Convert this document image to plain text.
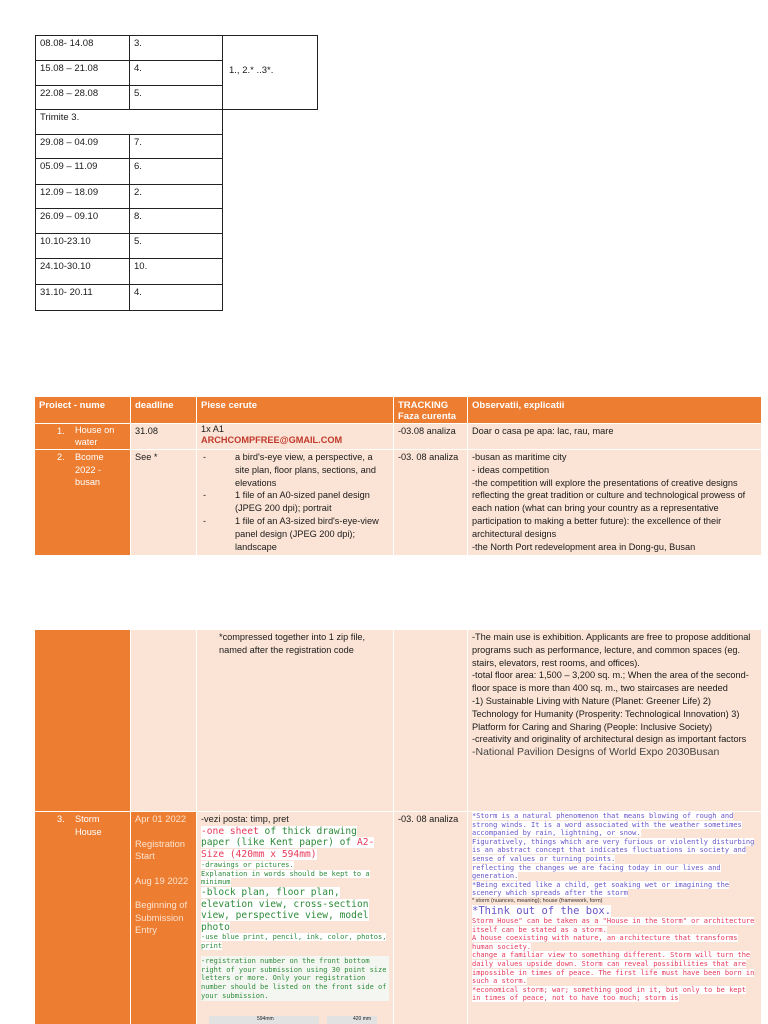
08.08- 14.08	3.
15.08 – 21.08	4.
22.08 – 28.08	5.
Trimite 3.
29.08 – 04.09	7.
05.09 – 11.09	6.
12.09 – 18.09	2.
26.09 – 09.10	8.
10.10-23.10	5.
24.10-30.10	10.
31.10- 20.11	4.
1., 2.* ..3*.
Proiect - nume	deadline	Piese cerute	TRACKING Faza curenta
Observatii, explicatii
1. House on water
31.08	1x A1
ARCHCOMPFREE@GMAIL.COM
-03.08 analiza Doar o casa pe apa: lac, rau, mare
2. Bcome 2022 - busan
See *
-	a bird's-eye view, a perspective, a site plan, floor plans, sections, and elevations
- 1 file of an A0-sized panel design (JPEG 200 dpi); portrait
- 1 file of an A3-sized bird's-eye-view panel design (JPEG 200 dpi); landscape
-03. 08 analiza -busan as maritime city
- ideas competition
-the competition will explore the presentations of creative designs reflecting the great tradition or culture and technological prowess of each nation (what can bring your country as a representative participation to making a better future): the excellence of their architectural designs
-the North Port redevelopment area in Dong-gu, Busan
*compressed together into 1 zip file, named after the registration code
-The main use is exhibition. Applicants are free to propose additional programs such as performance, lecture, and common spaces (eg. stairs, elevators, rest rooms, and offices).
-total floor area: 1,500 – 3,200 sq. m.; When the area of the second-floor space is more than 400 sq. m., two staircases are needed
-1) Sustainable Living with Nature (Planet: Greener Life) 2) Technology for Humanity (Prosperity: Technological Innovation) 3) Platform for Caring and Sharing (People: Inclusive Society)
-creativity and originality of architectural design as important factors
-National Pavilion Designs of World Expo 2030Busan
3. Storm House
Apr 01 2022
Registration Start
Aug 19 2022
Beginning of Submission Entry
-vezi posta: timp, pret
-one sheet of thick drawing paper (like Kent paper) of A2-Size (420mm x 594mm)
-drawings or pictures.
Explanation in words should be kept to a minimum
-block plan, floor plan, elevation view, cross-section view, perspective view, model photo
-use blue print, pencil, ink, color, photos, print
-registration number on the front bottom right of your submission using 30 point size letters or more. Only your registration number should be listed on the front side of your submission.
594mm	420 mm
-03. 08 analiza *Storm is a natural phenomenon that means blowing of rough and strong winds. It is a word associated with the weather sometimes accompanied by rain, lightning, or snow.
Figuratively, things which are very furious or violently disturbing
is an abstract concept that indicates fluctuations in society and sense of values or turning points.
reflecting the changes we are facing today in our lives and generation.
*Being excited like a child, get soaking wet or imagining the scenery which spreads after the storm
* storm (nuances, meaning); house (framework, form)
*Think out of the box.
Storm House" can be taken as a "House in the Storm" or architecture itself can be stated as a storm.
A house coexisting with nature, an architecture that transforms human society.
change a familiar view to something different. Storm will turn the daily values upside down. Storm can reveal possibilities that are impossible in times of peace. The first life must have been born in such a storm.
*economical storm; war; something good in it, but only to be kept in times of peace, not to have too much; storm is
